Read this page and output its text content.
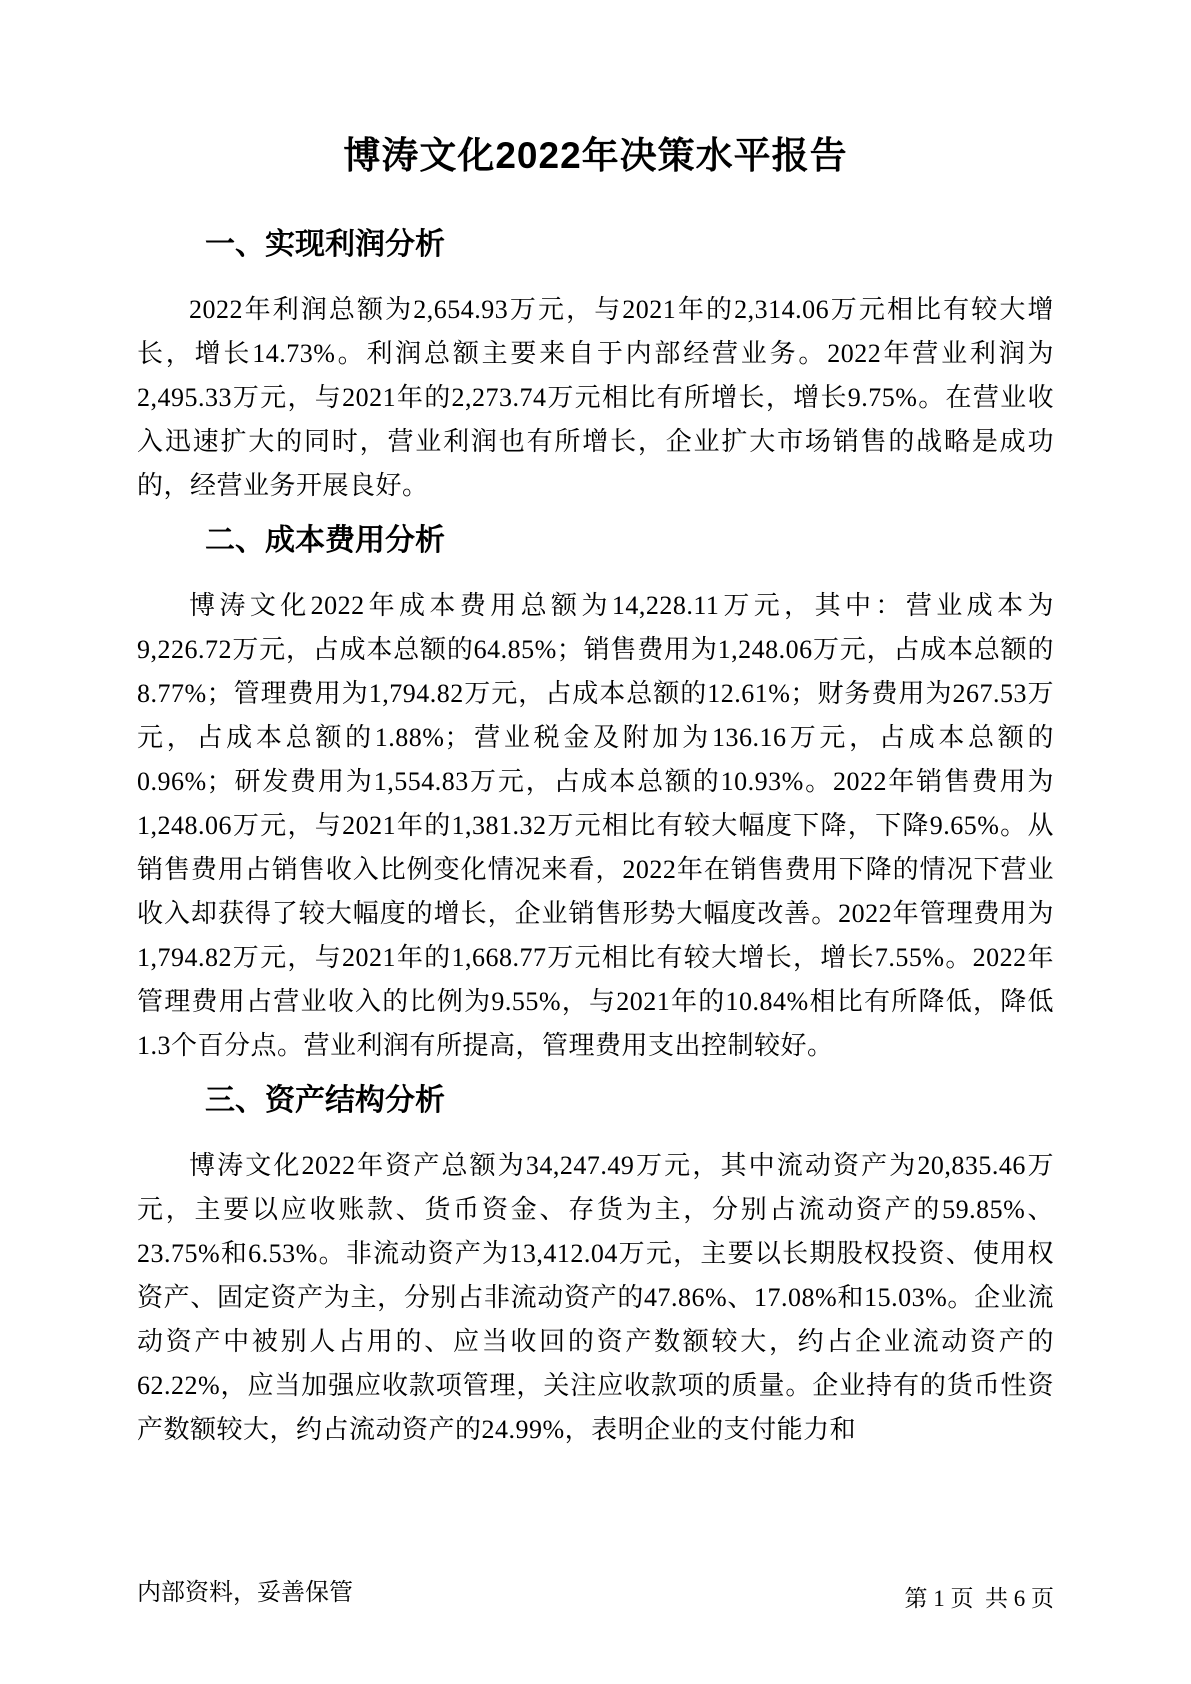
博涛文化2022年决策水平报告
一、实现利润分析

2022年利润总额为2,654.93万元，与2021年的2,314.06万元相比有较大增长，增长14.73%。利润总额主要来自于内部经营业务。2022年营业利润为2,495.33万元，与2021年的2,273.74万元相比有所增长，增长9.75%。在营业收入迅速扩大的同时，营业利润也有所增长，企业扩大市场销售的战略是成功的，经营业务开展良好。

二、成本费用分析

博涛文化2022年成本费用总额为14,228.11万元，其中：营业成本为9,226.72万元，占成本总额的64.85%；销售费用为1,248.06万元，占成本总额的8.77%；管理费用为1,794.82万元，占成本总额的12.61%；财务费用为267.53万元，占成本总额的1.88%；营业税金及附加为136.16万元，占成本总额的0.96%；研发费用为1,554.83万元，占成本总额的10.93%。2022年销售费用为1,248.06万元，与2021年的1,381.32万元相比有较大幅度下降，下降9.65%。从销售费用占销售收入比例变化情况来看，2022年在销售费用下降的情况下营业收入却获得了较大幅度的增长，企业销售形势大幅度改善。2022年管理费用为1,794.82万元，与2021年的1,668.77万元相比有较大增长，增长7.55%。2022年管理费用占营业收入的比例为9.55%，与2021年的10.84%相比有所降低，降低1.3个百分点。营业利润有所提高，管理费用支出控制较好。

三、资产结构分析

博涛文化2022年资产总额为34,247.49万元，其中流动资产为20,835.46万元，主要以应收账款、货币资金、存货为主，分别占流动资产的59.85%、23.75%和6.53%。非流动资产为13,412.04万元，主要以长期股权投资、使用权资产、固定资产为主，分别占非流动资产的47.86%、17.08%和15.03%。企业流动资产中被别人占用的、应当收回的资产数额较大，约占企业流动资产的62.22%，应当加强应收款项管理，关注应收款项的质量。企业持有的货币性资产数额较大，约占流动资产的24.99%，表明企业的支付能力和

内部资料，妥善保管	第 1 页  共 6 页
